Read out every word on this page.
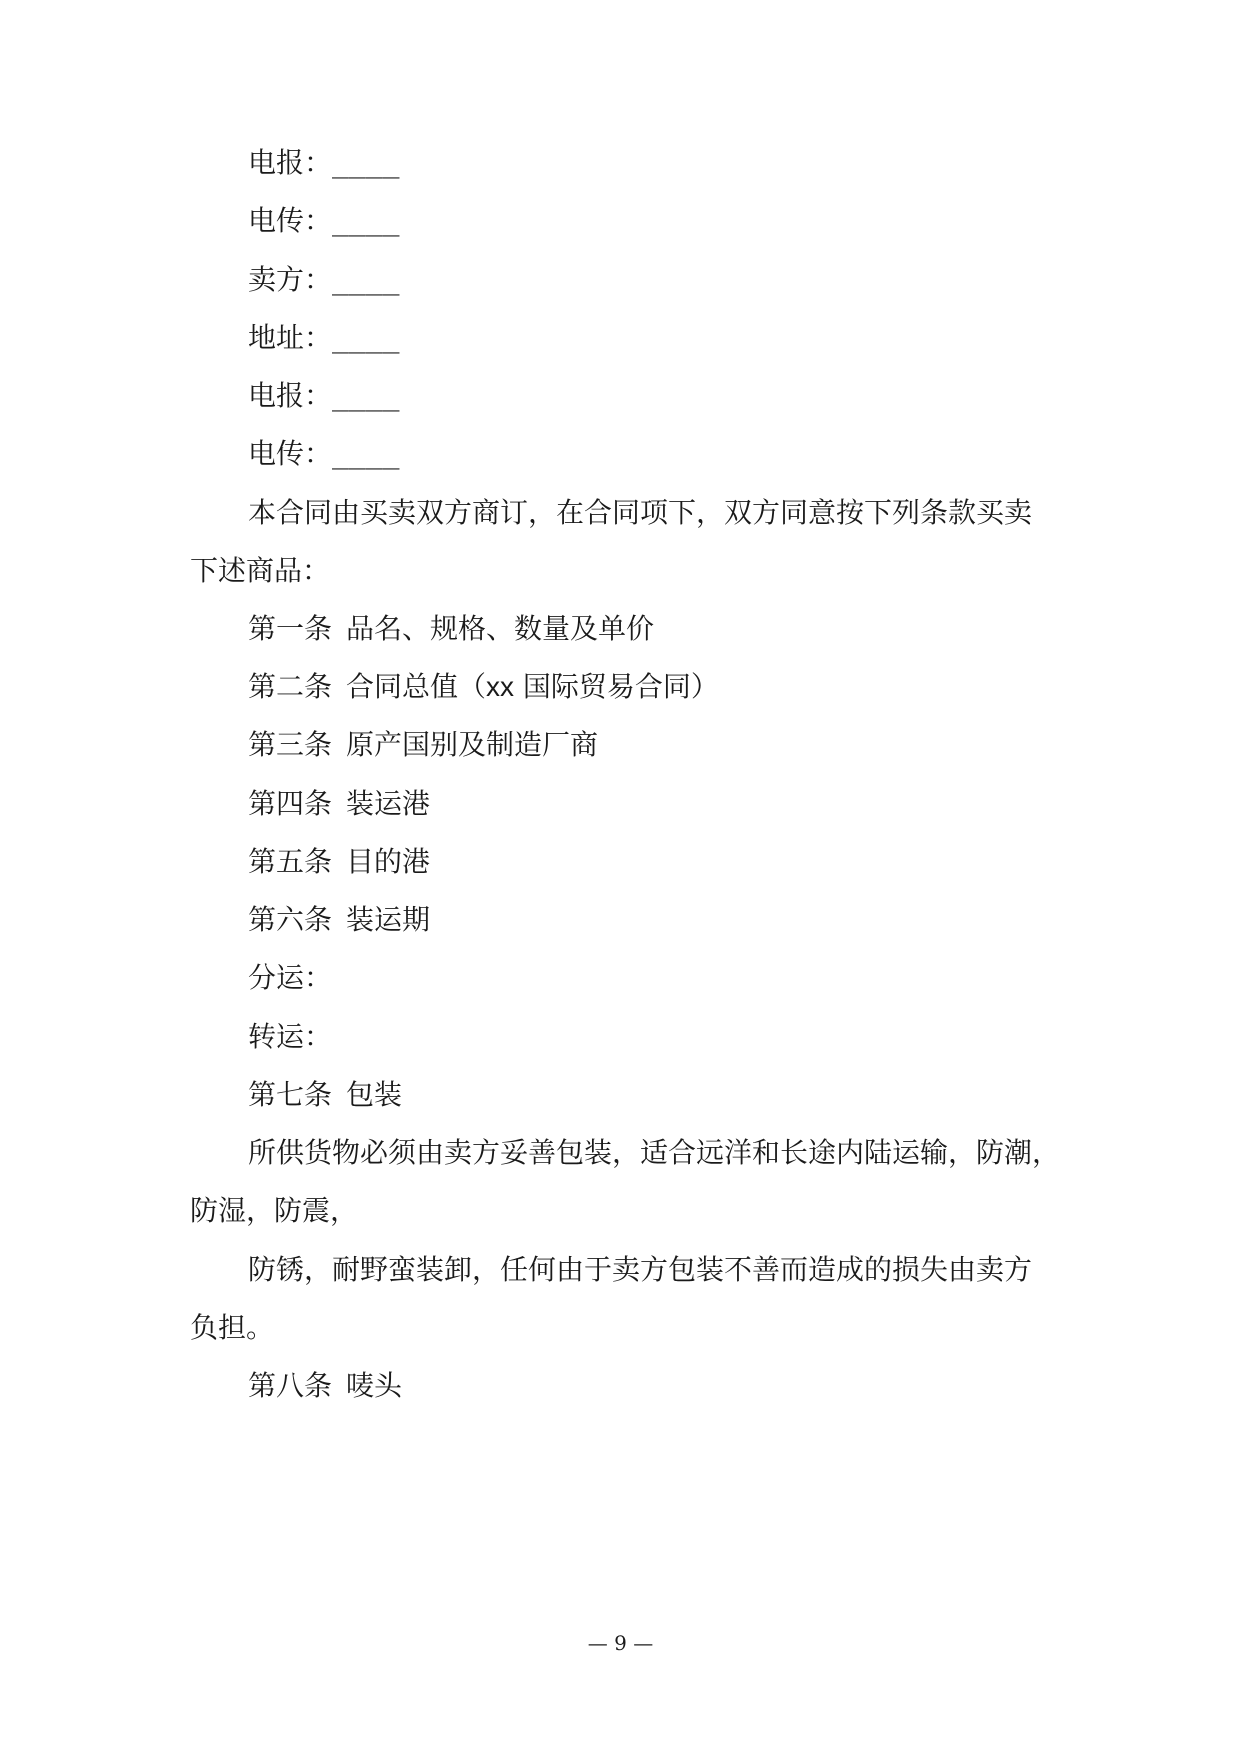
电报：____
电传：____
卖方：____
地址：____
电报：____
电传：____
本合同由买卖双方商订，在合同项下，双方同意按下列条款买卖
下述商品：
第一条 品名、规格、数量及单价
第二条 合同总值（xx 国际贸易合同）
第三条 原产国别及制造厂商
第四条 装运港
第五条 目的港
第六条 装运期
分运：
转运：
第七条 包装
所供货物必须由卖方妥善包装，适合远洋和长途内陆运输，防潮，
防湿，防震，
防锈，耐野蛮装卸，任何由于卖方包装不善而造成的损失由卖方
负担。
第八条 唛头
— 9 —
